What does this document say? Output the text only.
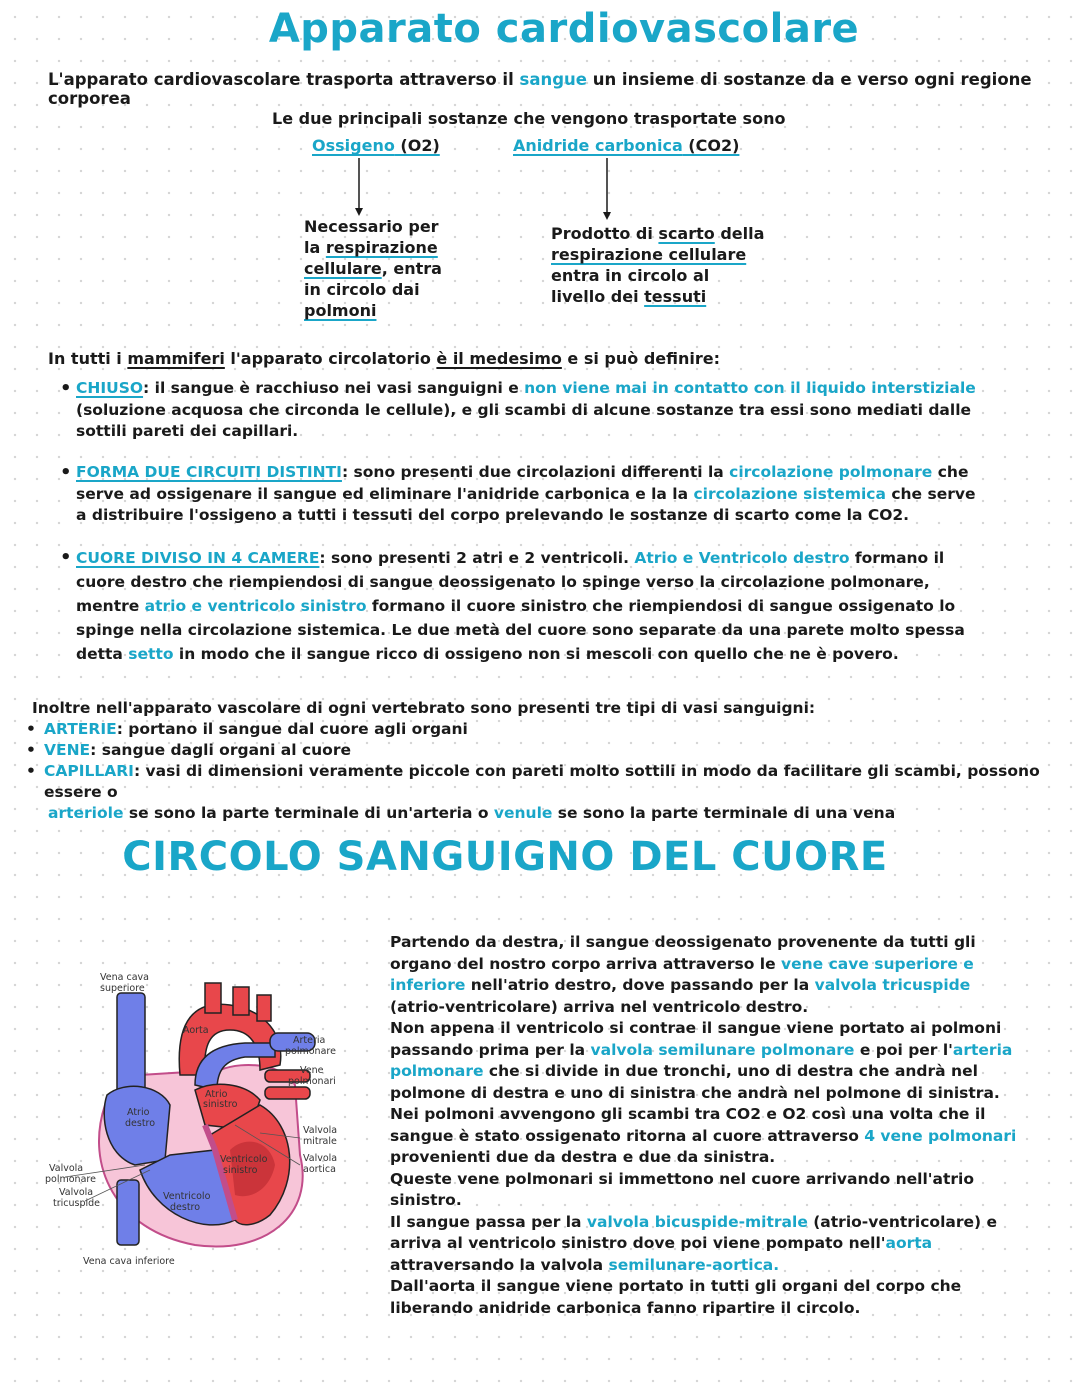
Apparato cardiovascolare
L'apparato cardiovascolare trasporta attraverso il sangue un insieme di sostanze da e verso ogni regione corporea
Le due principali sostanze che vengono trasportate sono
Ossigeno (O2)	Anidride carbonica (CO2)
Necessario per
la respirazione
cellulare, entra
in circolo dai
polmoni
Prodotto di scarto della
respirazione cellulare
entra in circolo al
livello dei tessuti
In tutti i mammiferi l'apparato circolatorio è il medesimo e si può definire:
• CHIUSO: il sangue è racchiuso nei vasi sanguigni e non viene mai in contatto con il liquido interstiziale (soluzione acquosa che circonda le cellule), e gli scambi di alcune sostanze tra essi sono mediati dalle sottili pareti dei capillari.
• FORMA DUE CIRCUITI DISTINTI: sono presenti due circolazioni differenti la circolazione polmonare che serve ad ossigenare il sangue ed eliminare l'anidride carbonica e la la circolazione sistemica che serve a distribuire l'ossigeno a tutti i tessuti del corpo prelevando le sostanze di scarto come la CO2.
• CUORE DIVISO IN 4 CAMERE: sono presenti 2 atri e 2 ventricoli. Atrio e Ventricolo destro formano il cuore destro che riempiendosi di sangue deossigenato lo spinge verso la circolazione polmonare, mentre atrio e ventricolo sinistro formano il cuore sinistro che riempiendosi di sangue ossigenato lo spinge nella circolazione sistemica. Le due metà del cuore sono separate da una parete molto spessa detta setto in modo che il sangue ricco di ossigeno non si mescoli con quello che ne è povero.
Inoltre nell'apparato vascolare di ogni vertebrato sono presenti tre tipi di vasi sanguigni:
• ARTERIE: portano il sangue dal cuore agli organi
• VENE: sangue dagli organi al cuore
• CAPILLARI: vasi di dimensioni veramente piccole con pareti molto sottili in modo da facilitare gli scambi, possono essere o
arteriole se sono la parte terminale di un'arteria o venule se sono la parte terminale di una vena
CIRCOLO SANGUIGNO DEL CUORE
Vena cava
superiore
Aorta
Arteria
polmonare
Vene
polmonari
Atrio
sinistro
Atrio
destro
Valvola
mitrale
Valvola
aortica
Ventricolo
sinistro
Valvola
polmonare
Valvola
tricuspide
Ventricolo
destro
Vena cava inferiore
Partendo da destra, il sangue deossigenato provenente da tutti gli organo del nostro corpo arriva attraverso le vene cave superiore e inferiore nell'atrio destro, dove passando per la valvola tricuspide (atrio-ventricolare) arriva nel ventricolo destro.
Non appena il ventricolo si contrae il sangue viene portato ai polmoni passando prima per la valvola semilunare polmonare e poi per l'arteria polmonare che si divide in due tronchi, uno di destra che andrà nel polmone di destra e uno di sinistra che andrà nel polmone di sinistra.
Nei polmoni avvengono gli scambi tra CO2 e O2 così una volta che il sangue è stato ossigenato ritorna al cuore attraverso 4 vene polmonari provenienti due da destra e due da sinistra.
Queste vene polmonari si immettono nel cuore arrivando nell'atrio sinistro.
Il sangue passa per la valvola bicuspide-mitrale (atrio-ventricolare) e arriva al ventricolo sinistro dove poi viene pompato nell'aorta attraversando la valvola semilunare-aortica.
Dall'aorta il sangue viene portato in tutti gli organi del corpo che liberando anidride carbonica fanno ripartire il circolo.
